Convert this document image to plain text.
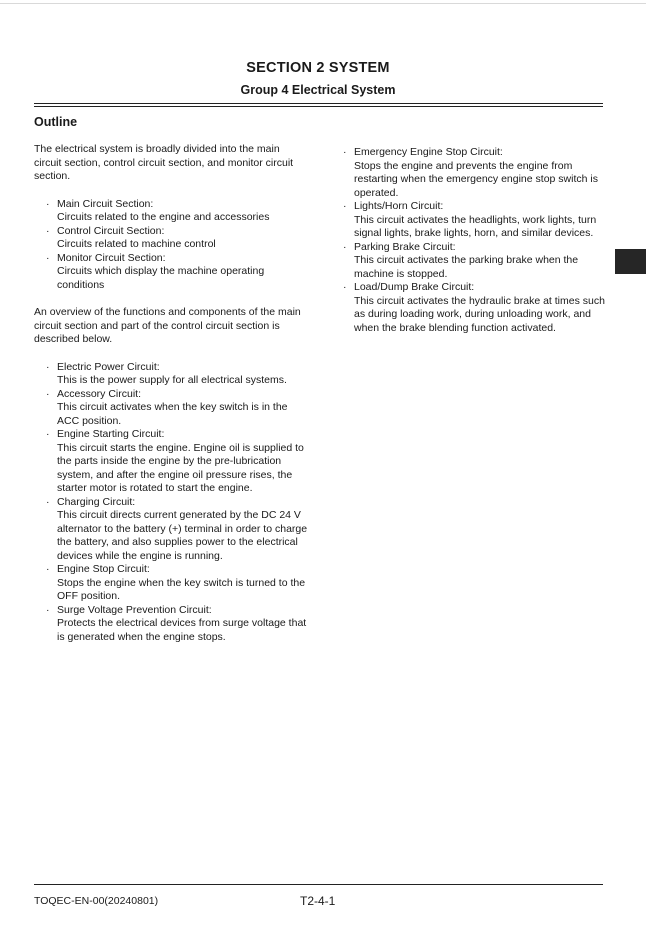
SECTION 2 SYSTEM
Group 4 Electrical System
Outline

The electrical system is broadly divided into the main circuit section, control circuit section, and monitor circuit section.

· Main Circuit Section:
Circuits related to the engine and accessories
· Control Circuit Section:
Circuits related to machine control
· Monitor Circuit Section:
Circuits which display the machine operating conditions

An overview of the functions and components of the main circuit section and part of the control circuit section is described below.

· Electric Power Circuit:
This is the power supply for all electrical systems.
· Accessory Circuit:
This circuit activates when the key switch is in the ACC position.
· Engine Starting Circuit:
This circuit starts the engine. Engine oil is supplied to the parts inside the engine by the pre-lubrication system, and after the engine oil pressure rises, the starter motor is rotated to start the engine.
· Charging Circuit:
This circuit directs current generated by the DC 24 V alternator to the battery (+) terminal in order to charge the battery, and also supplies power to the electrical devices while the engine is running.
· Engine Stop Circuit:
Stops the engine when the key switch is turned to the OFF position.
· Surge Voltage Prevention Circuit:
Protects the electrical devices from surge voltage that is generated when the engine stops.
· Emergency Engine Stop Circuit:
Stops the engine and prevents the engine from restarting when the emergency engine stop switch is operated.
· Lights/Horn Circuit:
This circuit activates the headlights, work lights, turn signal lights, brake lights, horn, and similar devices.
· Parking Brake Circuit:
This circuit activates the parking brake when the machine is stopped.
· Load/Dump Brake Circuit:
This circuit activates the hydraulic brake at times such as during loading work, during unloading work, and when the brake blending function activated.
TOQEC-EN-00(20240801)	T2-4-1
